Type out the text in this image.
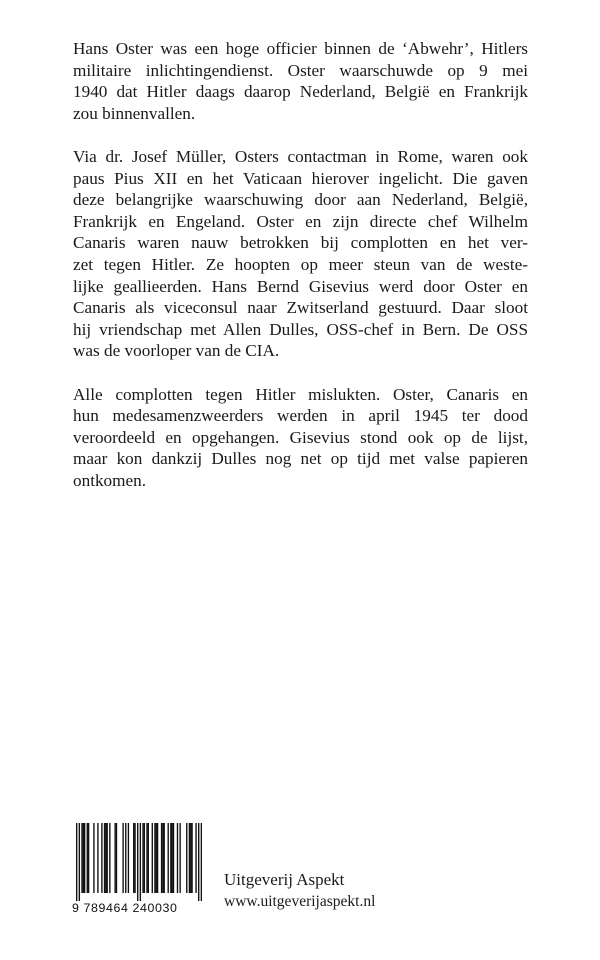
Hans Oster was een hoge officier binnen de ‘Abwehr’, Hitlers
militaire inlichtingendienst. Oster waarschuwde op 9 mei
1940 dat Hitler daags daarop Nederland, België en Frankrijk
zou binnenvallen.

Via dr. Josef Müller, Osters contactman in Rome, waren ook
paus Pius XII en het Vaticaan hierover ingelicht. Die gaven
deze belangrijke waarschuwing door aan Nederland, België,
Frankrijk en Engeland. Oster en zijn directe chef Wilhelm
Canaris waren nauw betrokken bij complotten en het ver-
zet tegen Hitler. Ze hoopten op meer steun van de weste-
lijke geallieerden. Hans Bernd Gisevius werd door Oster en
Canaris als viceconsul naar Zwitserland gestuurd. Daar sloot
hij vriendschap met Allen Dulles, OSS-chef in Bern. De OSS
was de voorloper van de CIA.

Alle complotten tegen Hitler mislukten. Oster, Canaris en
hun medesamenzweerders werden in april 1945 ter dood
veroordeeld en opgehangen. Gisevius stond ook op de lijst,
maar kon dankzij Dulles nog net op tijd met valse papieren
ontkomen.

9 789464 240030
Uitgeverij Aspekt
www.uitgeverijaspekt.nl
